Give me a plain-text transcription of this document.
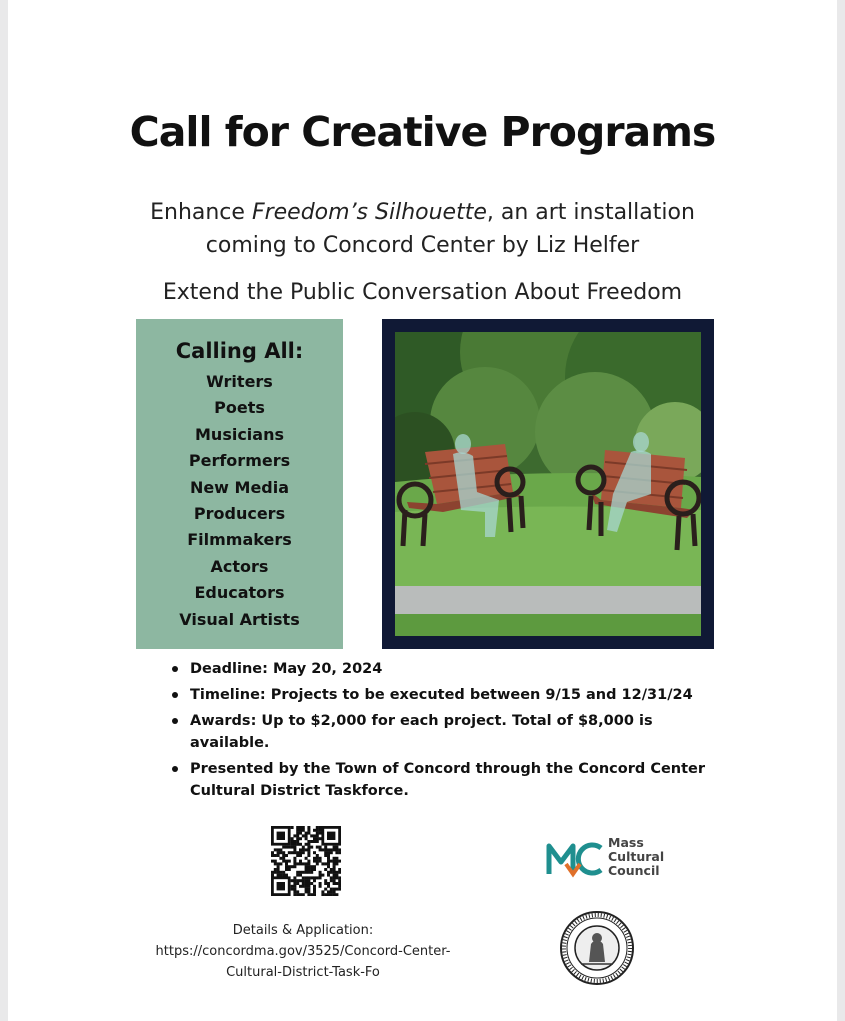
Call for Creative Programs
Enhance Freedom’s Silhouette, an art installation
coming to Concord Center by Liz Helfer
Extend the Public Conversation About Freedom
Calling All:
Writers
Poets
Musicians
Performers
New Media
Producers
Filmmakers
Actors
Educators
Visual Artists
Deadline: May 20, 2024
Timeline: Projects to be executed between 9/15 and 12/31/24
Awards: Up to $2,000 for each project. Total of $8,000 is available.
Presented by the Town of Concord through the Concord Center Cultural District Taskforce.
Details & Application:
https://concordma.gov/3525/Concord-Center-
Cultural-District-Task-Fo
Mass
Cultural
Council
